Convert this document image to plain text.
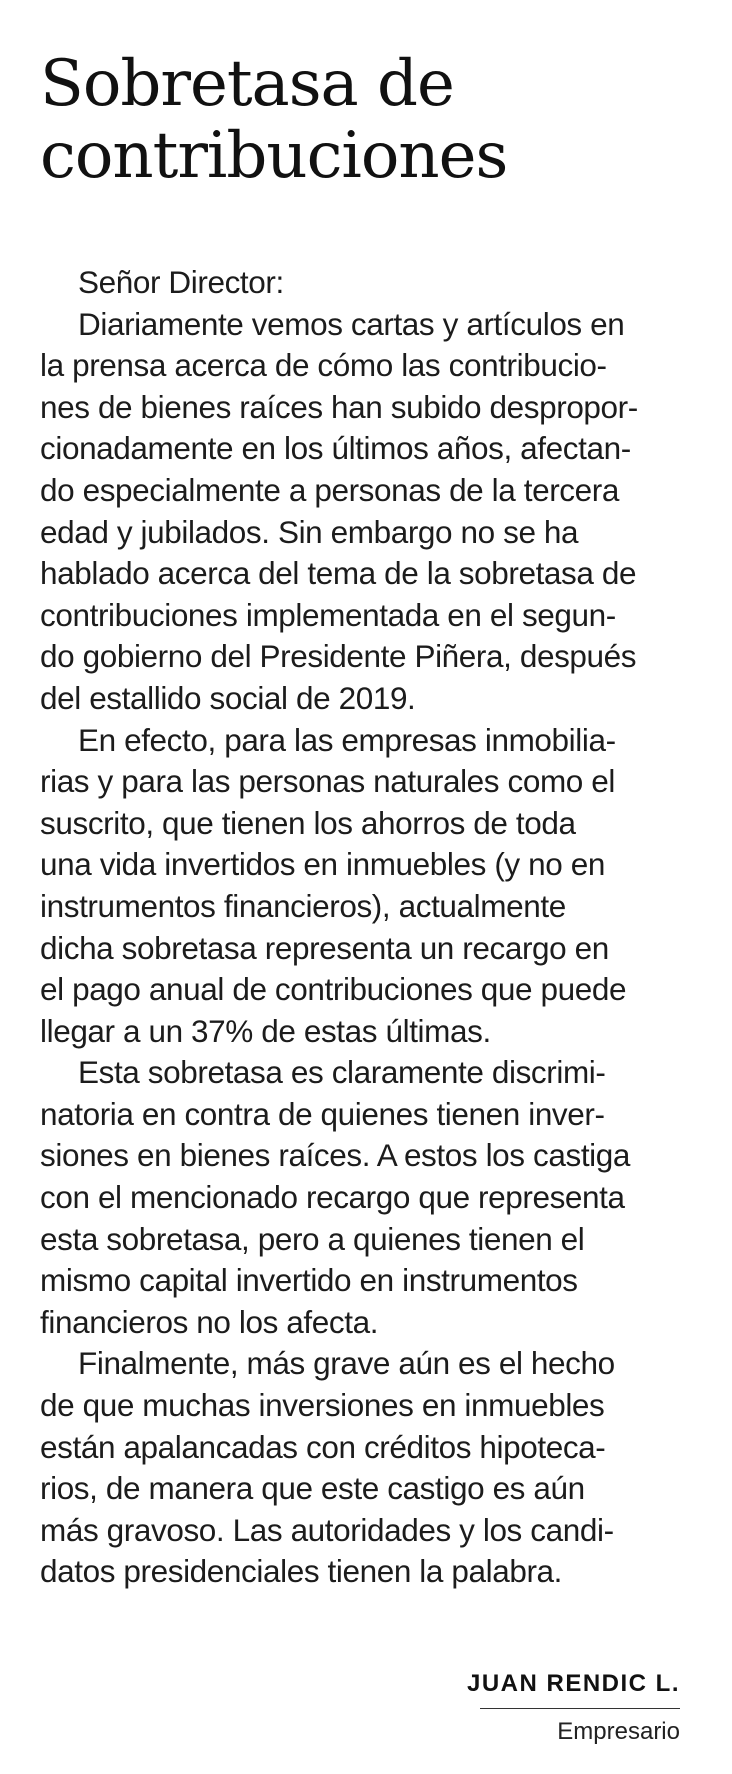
Sobretasa de
contribuciones
Señor Director:
Diariamente vemos cartas y artículos en
la prensa acerca de cómo las contribucio-
nes de bienes raíces han subido despropor-
cionadamente en los últimos años, afectan-
do especialmente a personas de la tercera
edad y jubilados. Sin embargo no se ha
hablado acerca del tema de la sobretasa de
contribuciones implementada en el segun-
do gobierno del Presidente Piñera, después
del estallido social de 2019.
En efecto, para las empresas inmobilia-
rias y para las personas naturales como el
suscrito, que tienen los ahorros de toda
una vida invertidos en inmuebles (y no en
instrumentos financieros), actualmente
dicha sobretasa representa un recargo en
el pago anual de contribuciones que puede
llegar a un 37% de estas últimas.
Esta sobretasa es claramente discrimi-
natoria en contra de quienes tienen inver-
siones en bienes raíces. A estos los castiga
con el mencionado recargo que representa
esta sobretasa, pero a quienes tienen el
mismo capital invertido en instrumentos
financieros no los afecta.
Finalmente, más grave aún es el hecho
de que muchas inversiones en inmuebles
están apalancadas con créditos hipoteca-
rios, de manera que este castigo es aún
más gravoso. Las autoridades y los candi-
datos presidenciales tienen la palabra.
JUAN RENDIC L.
Empresario
